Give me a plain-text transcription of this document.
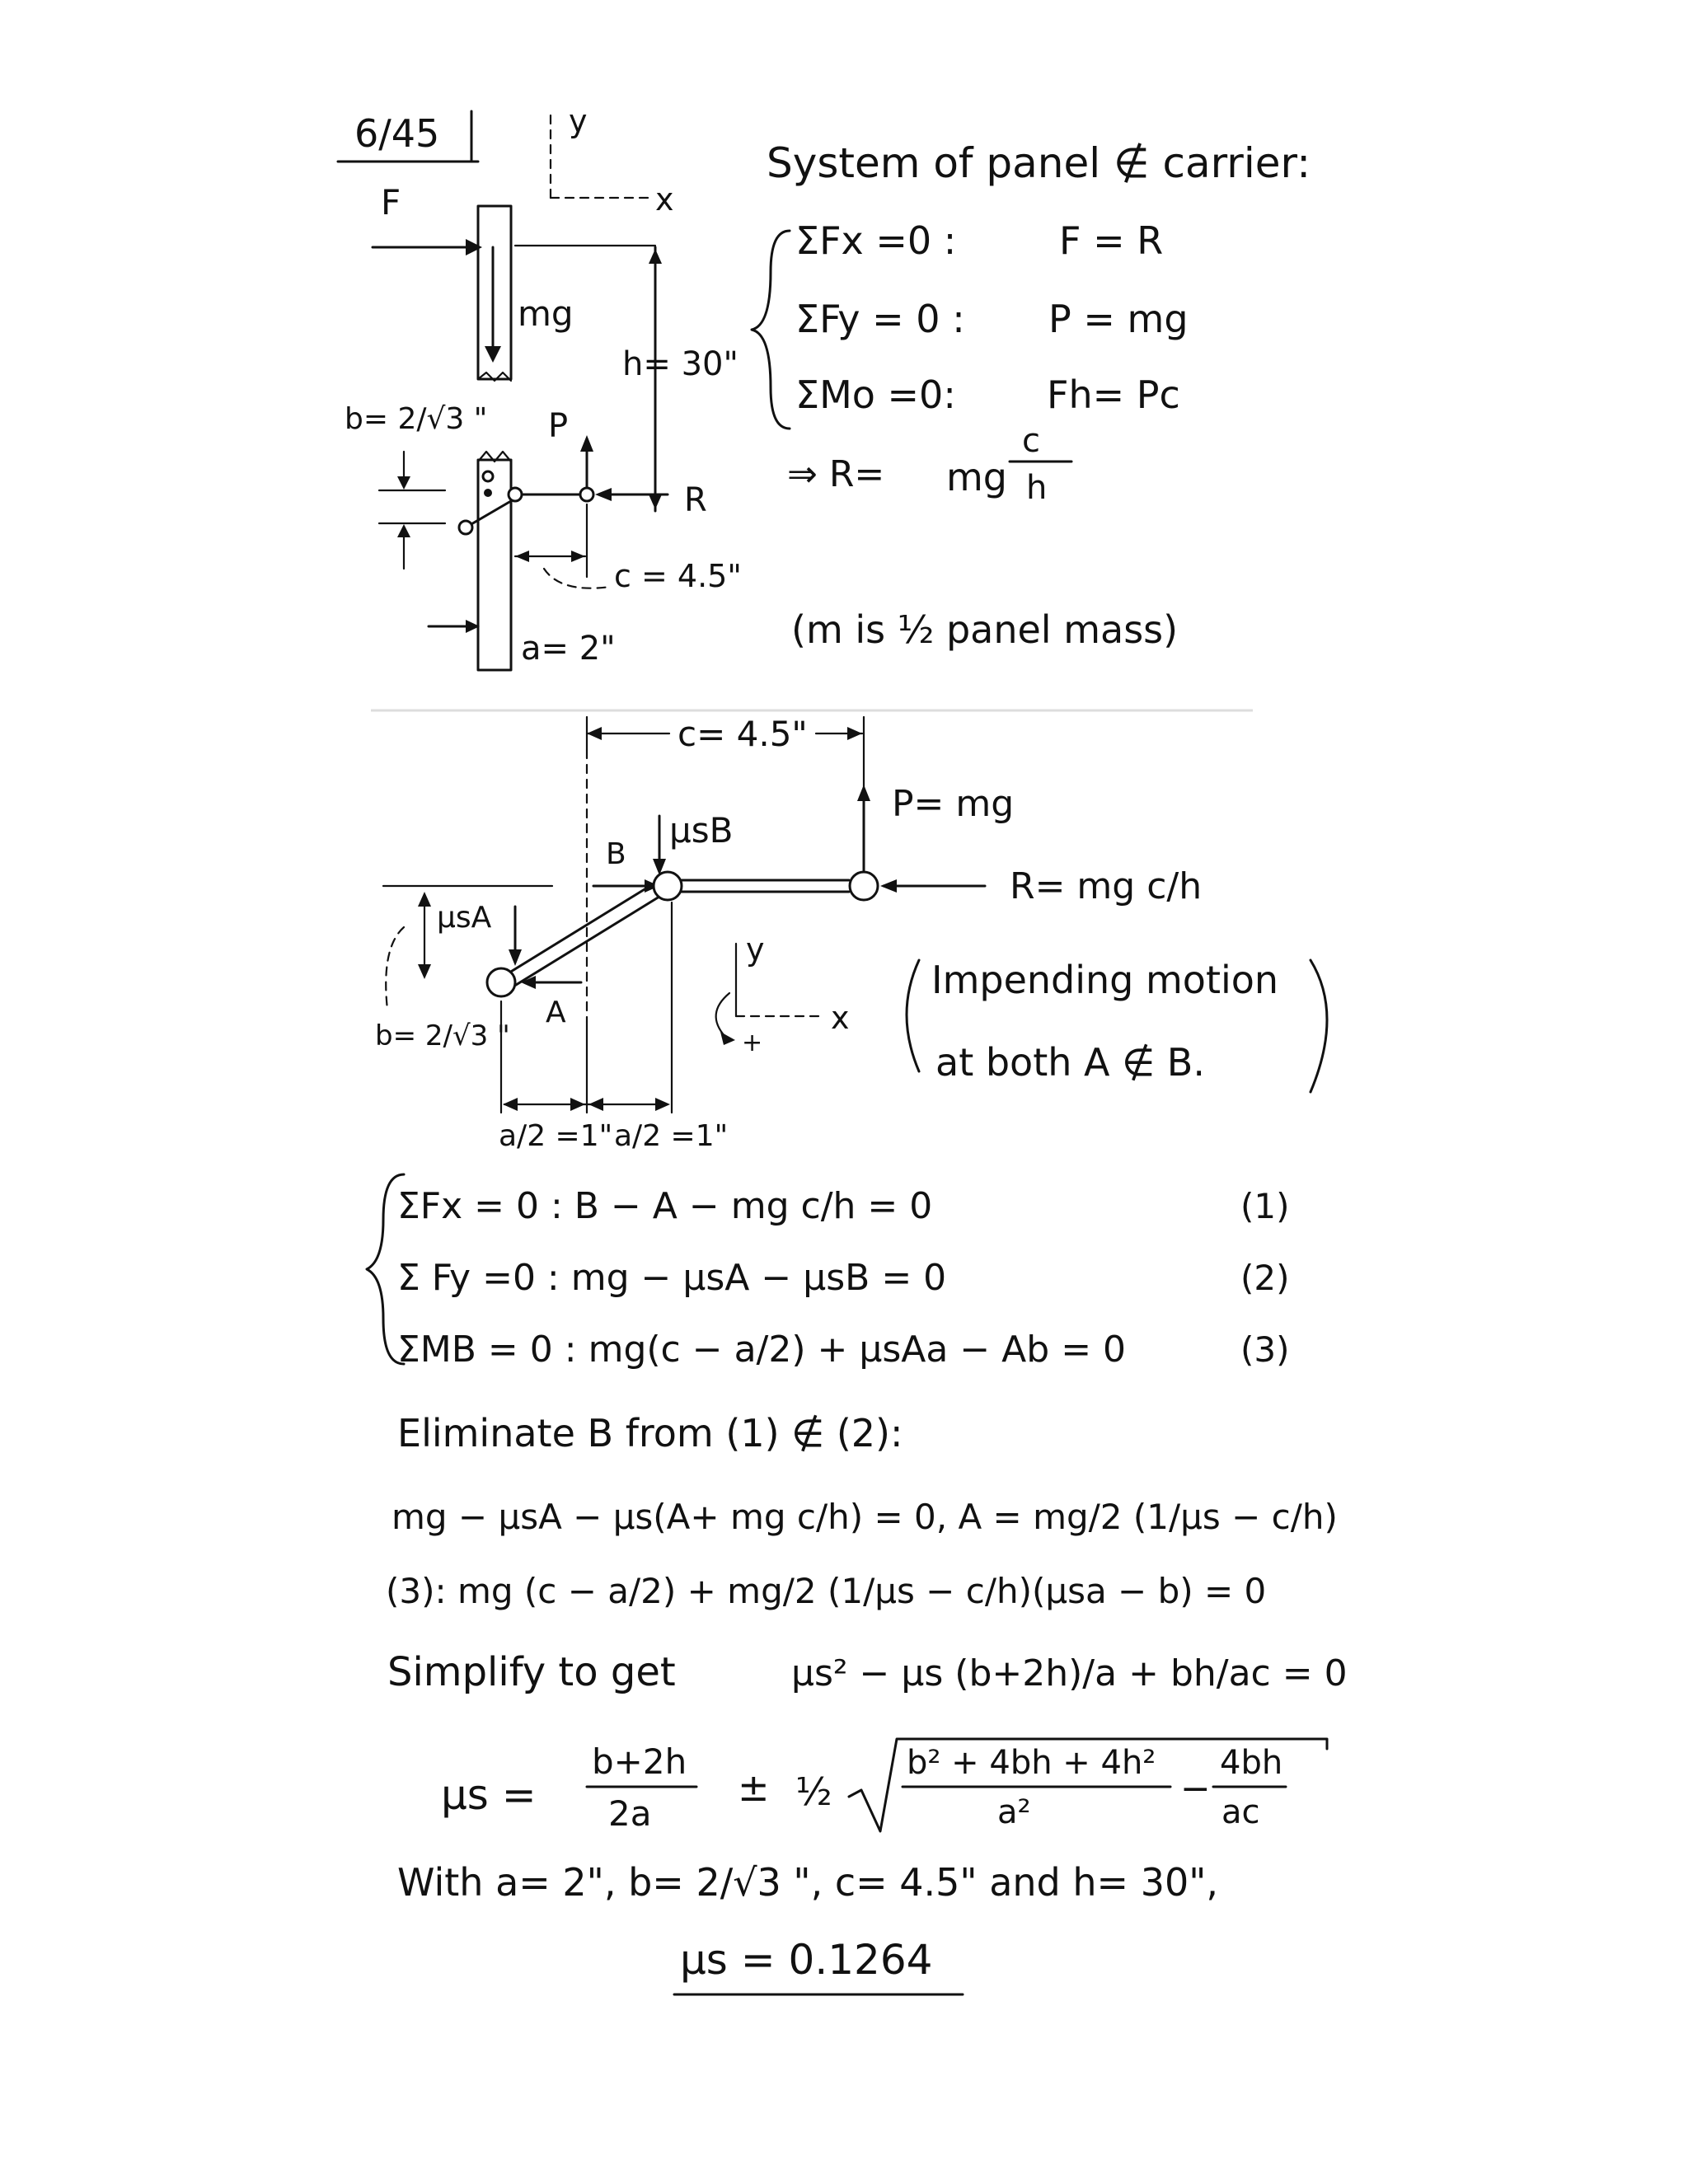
6/45	y
x
F
mg
h= 30"
b= 2/√3 " P
R
c = 4.5"
a= 2"
System of panel ∉ carrier:
ΣFx =0 :	F = R
ΣFy = 0 : P = mg
ΣMo =0: Fh= Pc
⇒ R= mg
c
h
(m is ½ panel mass)
c= 4.5"
P= mg
μsB
B
R= mg c/h
μsA
b= 2/√3 "
A
a/2 =1" a/2 =1"
y
x
+
Impending motion
at both A ∉ B.
ΣFx = 0 : B − A − mg c/h = 0	(1)
Σ Fy =0 : mg − μsA − μsB = 0	(2)
ΣMB = 0 : mg(c − a/2) + μsAa − Ab = 0	(3)
Eliminate B from (1) ∉ (2):
mg − μsA − μs(A+ mg c/h) = 0, A = mg/2 (1/μs − c/h)
(3): mg (c − a/2) + mg/2 (1/μs − c/h)(μsa − b) = 0
Simplify to get	μs² − μs (b+2h)/a + bh/ac = 0
μs =
b+2h
2a
± ½
b² + 4bh + 4h²
a²
−
4bh
ac
With a= 2", b= 2/√3 ", c= 4.5" and h= 30",
μs = 0.1264
